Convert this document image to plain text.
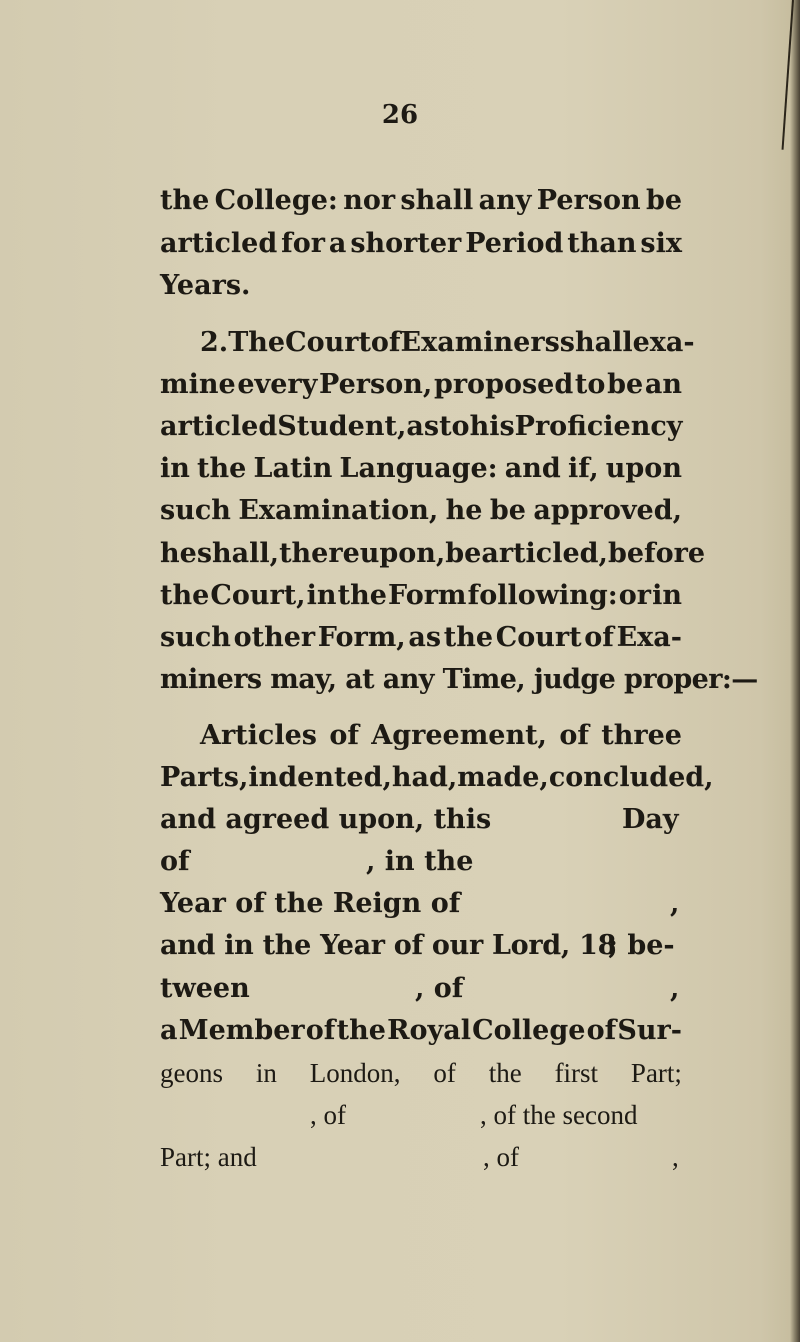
26
the College: nor shall any Person be
articled for a shorter Period than six
Years.
2. The Court of Examiners shall exa-
mine every Person, proposed to be an
articled Student, as to his Proficiency
in the Latin Language: and if, upon
such Examination, he be approved,
he shall, thereupon, be articled, before
the Court, in the Form following: or in
such other Form, as the Court of Exa-
miners may, at any Time, judge proper:—
Articles of Agreement, of three
Parts, indented, had, made, concluded,
and agreed upon, this	Day
of	, in the
Year of the Reign of	,
and in the Year of our Lord, 18
; be-
tween	, of	,
a Member of the Royal College of Sur-
geons in London, of the first Part;
, of	, of the second
Part; and	, of	,
